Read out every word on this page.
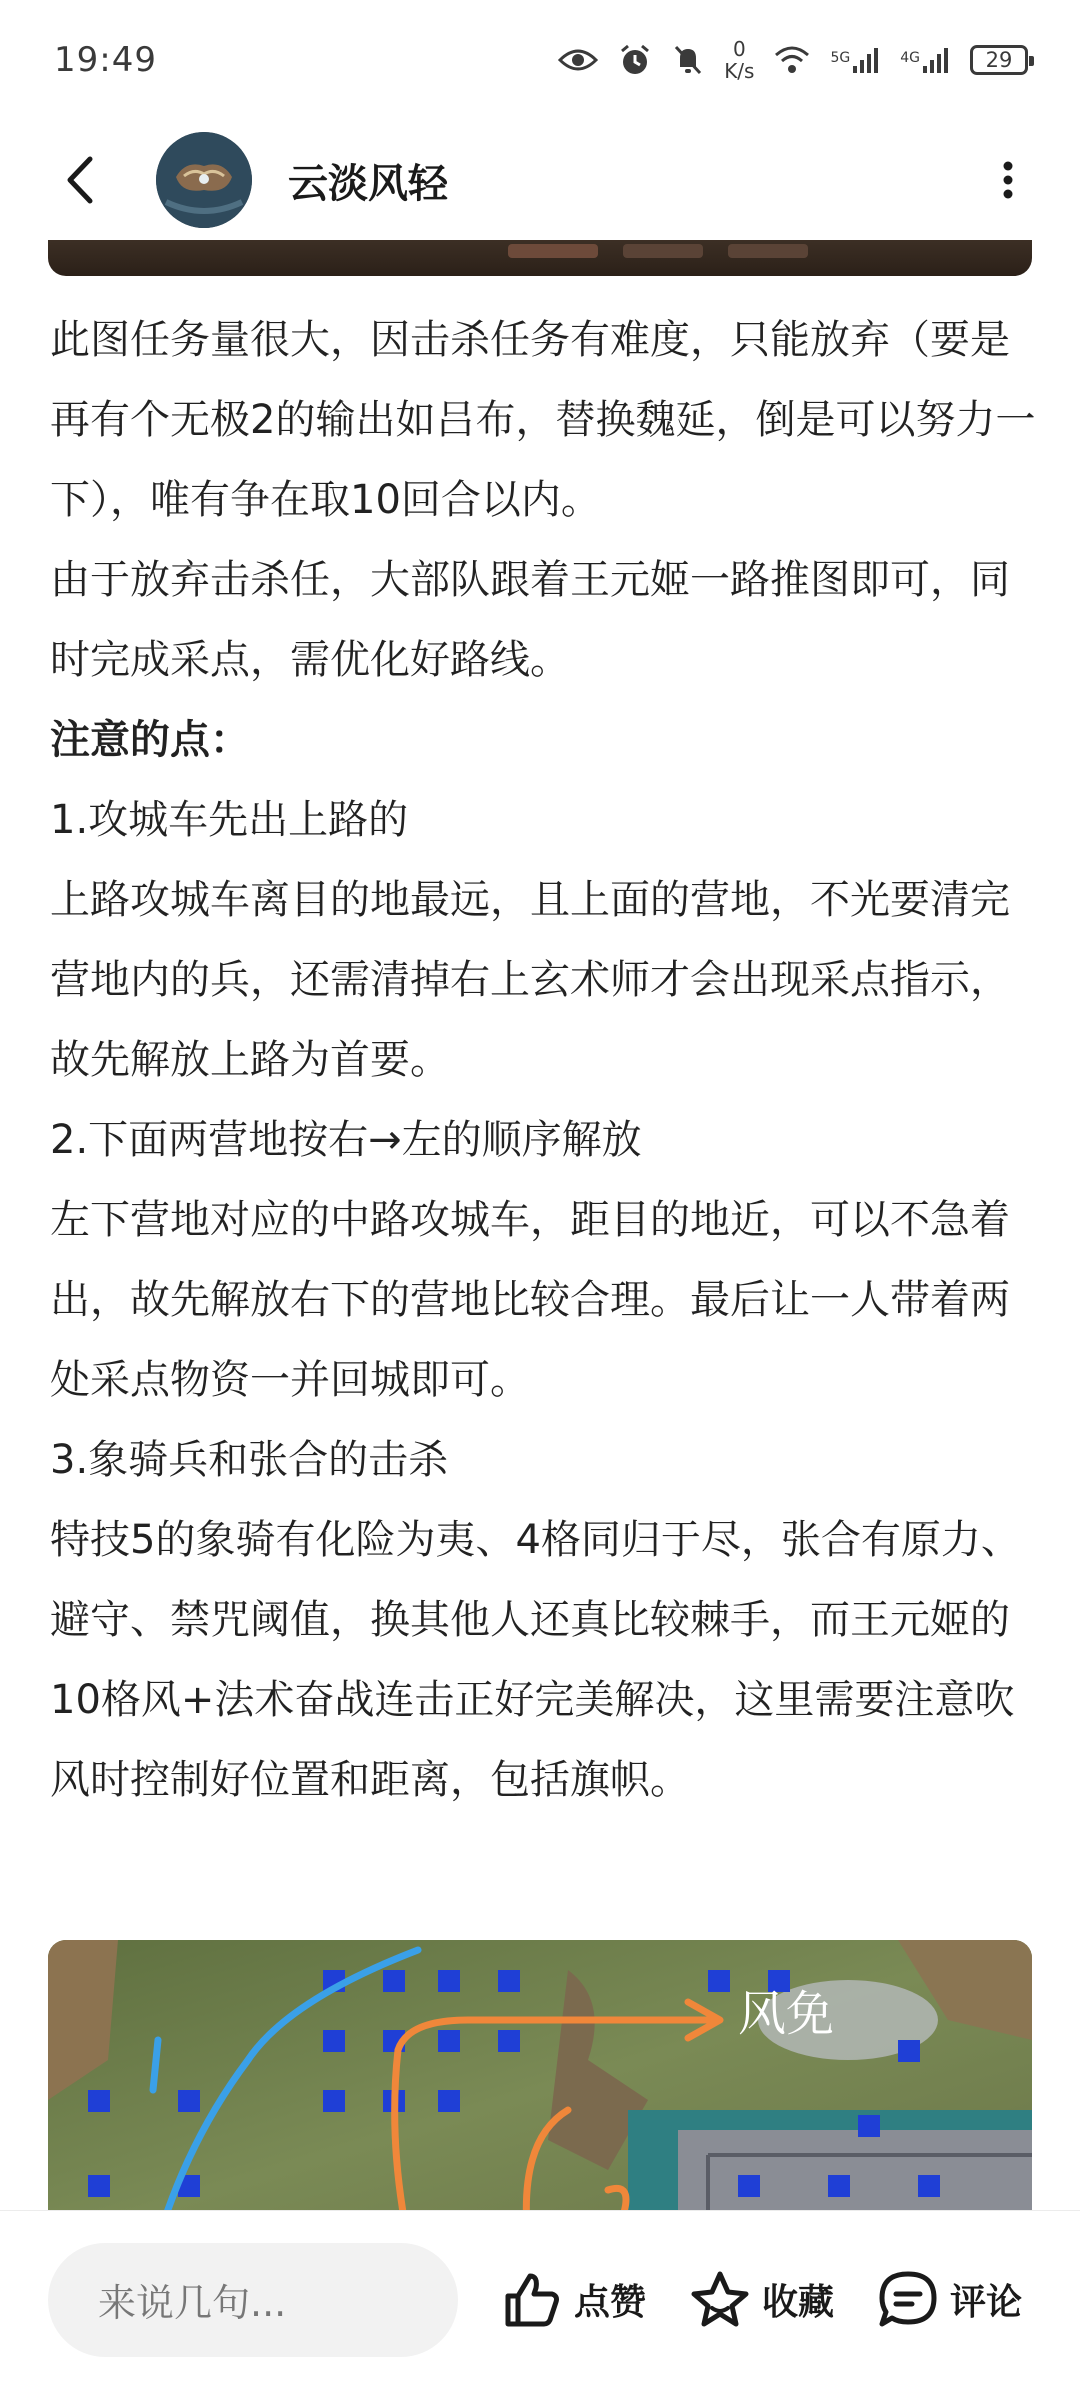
19:49	0
K/s
5G	4G	29
云淡风轻

此图任务量很大，因击杀任务有难度，只能放弃（要是再有个无极2的输出如吕布，替换魏延，倒是可以努力一下），唯有争在取10回合以内。

由于放弃击杀任，大部队跟着王元姬一路推图即可，同时完成采点，需优化好路线。

注意的点：

1.攻城车先出上路的

上路攻城车离目的地最远，且上面的营地，不光要清完营地内的兵，还需清掉右上玄术师才会出现采点指示，故先解放上路为首要。

2.下面两营地按右→左的顺序解放

左下营地对应的中路攻城车，距目的地近，可以不急着出，故先解放右下的营地比较合理。最后让一人带着两处采点物资一并回城即可。

3.象骑兵和张合的击杀

特技5的象骑有化险为夷、4格同归于尽，张合有原力、避守、禁咒阈值，换其他人还真比较棘手，而王元姬的10格风+法术奋战连击正好完美解决，这里需要注意吹风时控制好位置和距离，包括旗帜。

风免
来说几句...	点赞	收藏	评论
